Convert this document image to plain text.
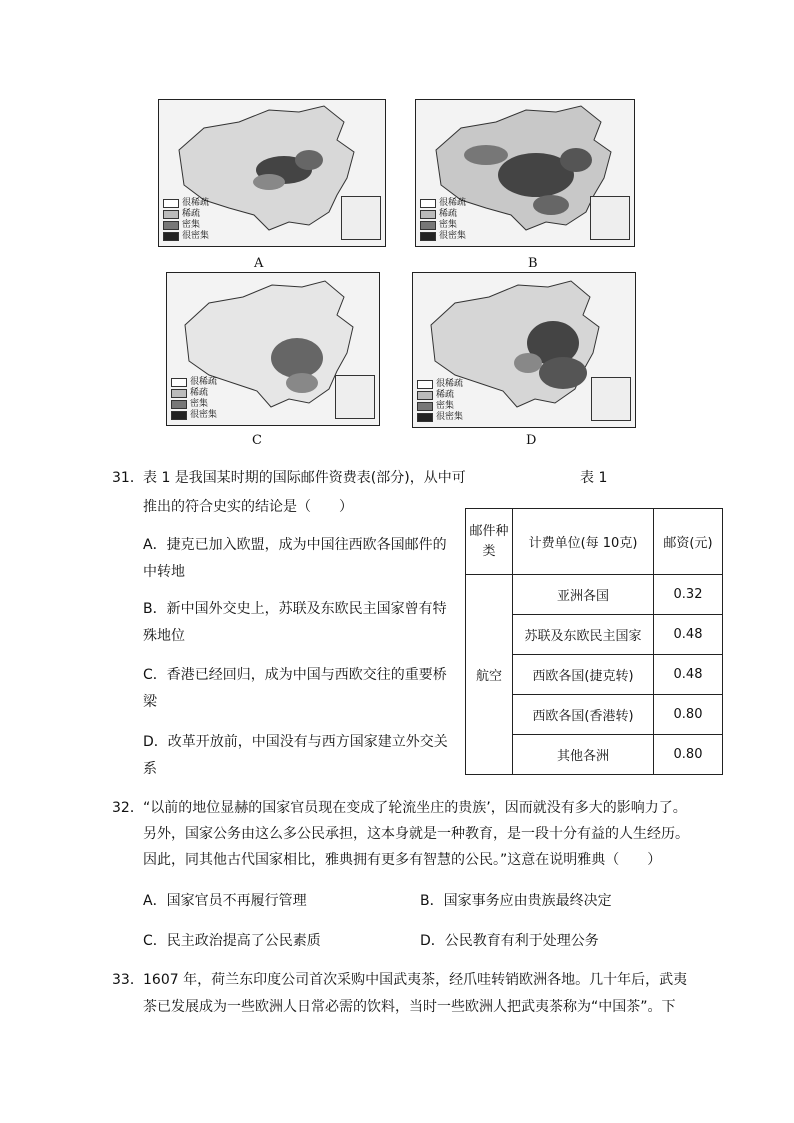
很稀疏
稀疏
密集
很密集
A
很稀疏
稀疏
密集
很密集
B
很稀疏
稀疏
密集
很密集
C
很稀疏
稀疏
密集
很密集
D
31． 表 1 是我国某时期的国际邮件资费表(部分)，从中可
推出的符合史实的结论是（　　）
A．捷克已加入欧盟，成为中国往西欧各国邮件的
中转地
B．新中国外交史上，苏联及东欧民主国家曾有特
殊地位
C．香港已经回归，成为中国与西欧交往的重要桥
梁
D．改革开放前，中国没有与西方国家建立外交关
系
表 1
邮件种类	计费单位(每 10克)	邮资(元)
航空	亚洲各国	0.32
	苏联及东欧民主国家	0.48
	西欧各国(捷克转)	0.48
	西欧各国(香港转)	0.80
	其他各洲	0.80
32． “以前的地位显赫的国家官员现在变成了轮流坐庄的贵族’，因而就没有多大的影响力了。
另外，国家公务由这么多公民承担，这本身就是一种教育，是一段十分有益的人生经历。
因此，同其他古代国家相比，雅典拥有更多有智慧的公民。”这意在说明雅典（　　）
A．国家官员不再履行管理	B．国家事务应由贵族最终决定
C．民主政治提高了公民素质	D．公民教育有利于处理公务
33． 1607 年，荷兰东印度公司首次采购中国武夷茶，经爪哇转销欧洲各地。几十年后，武夷
茶已发展成为一些欧洲人日常必需的饮料，当时一些欧洲人把武夷茶称为“中国茶”。下
